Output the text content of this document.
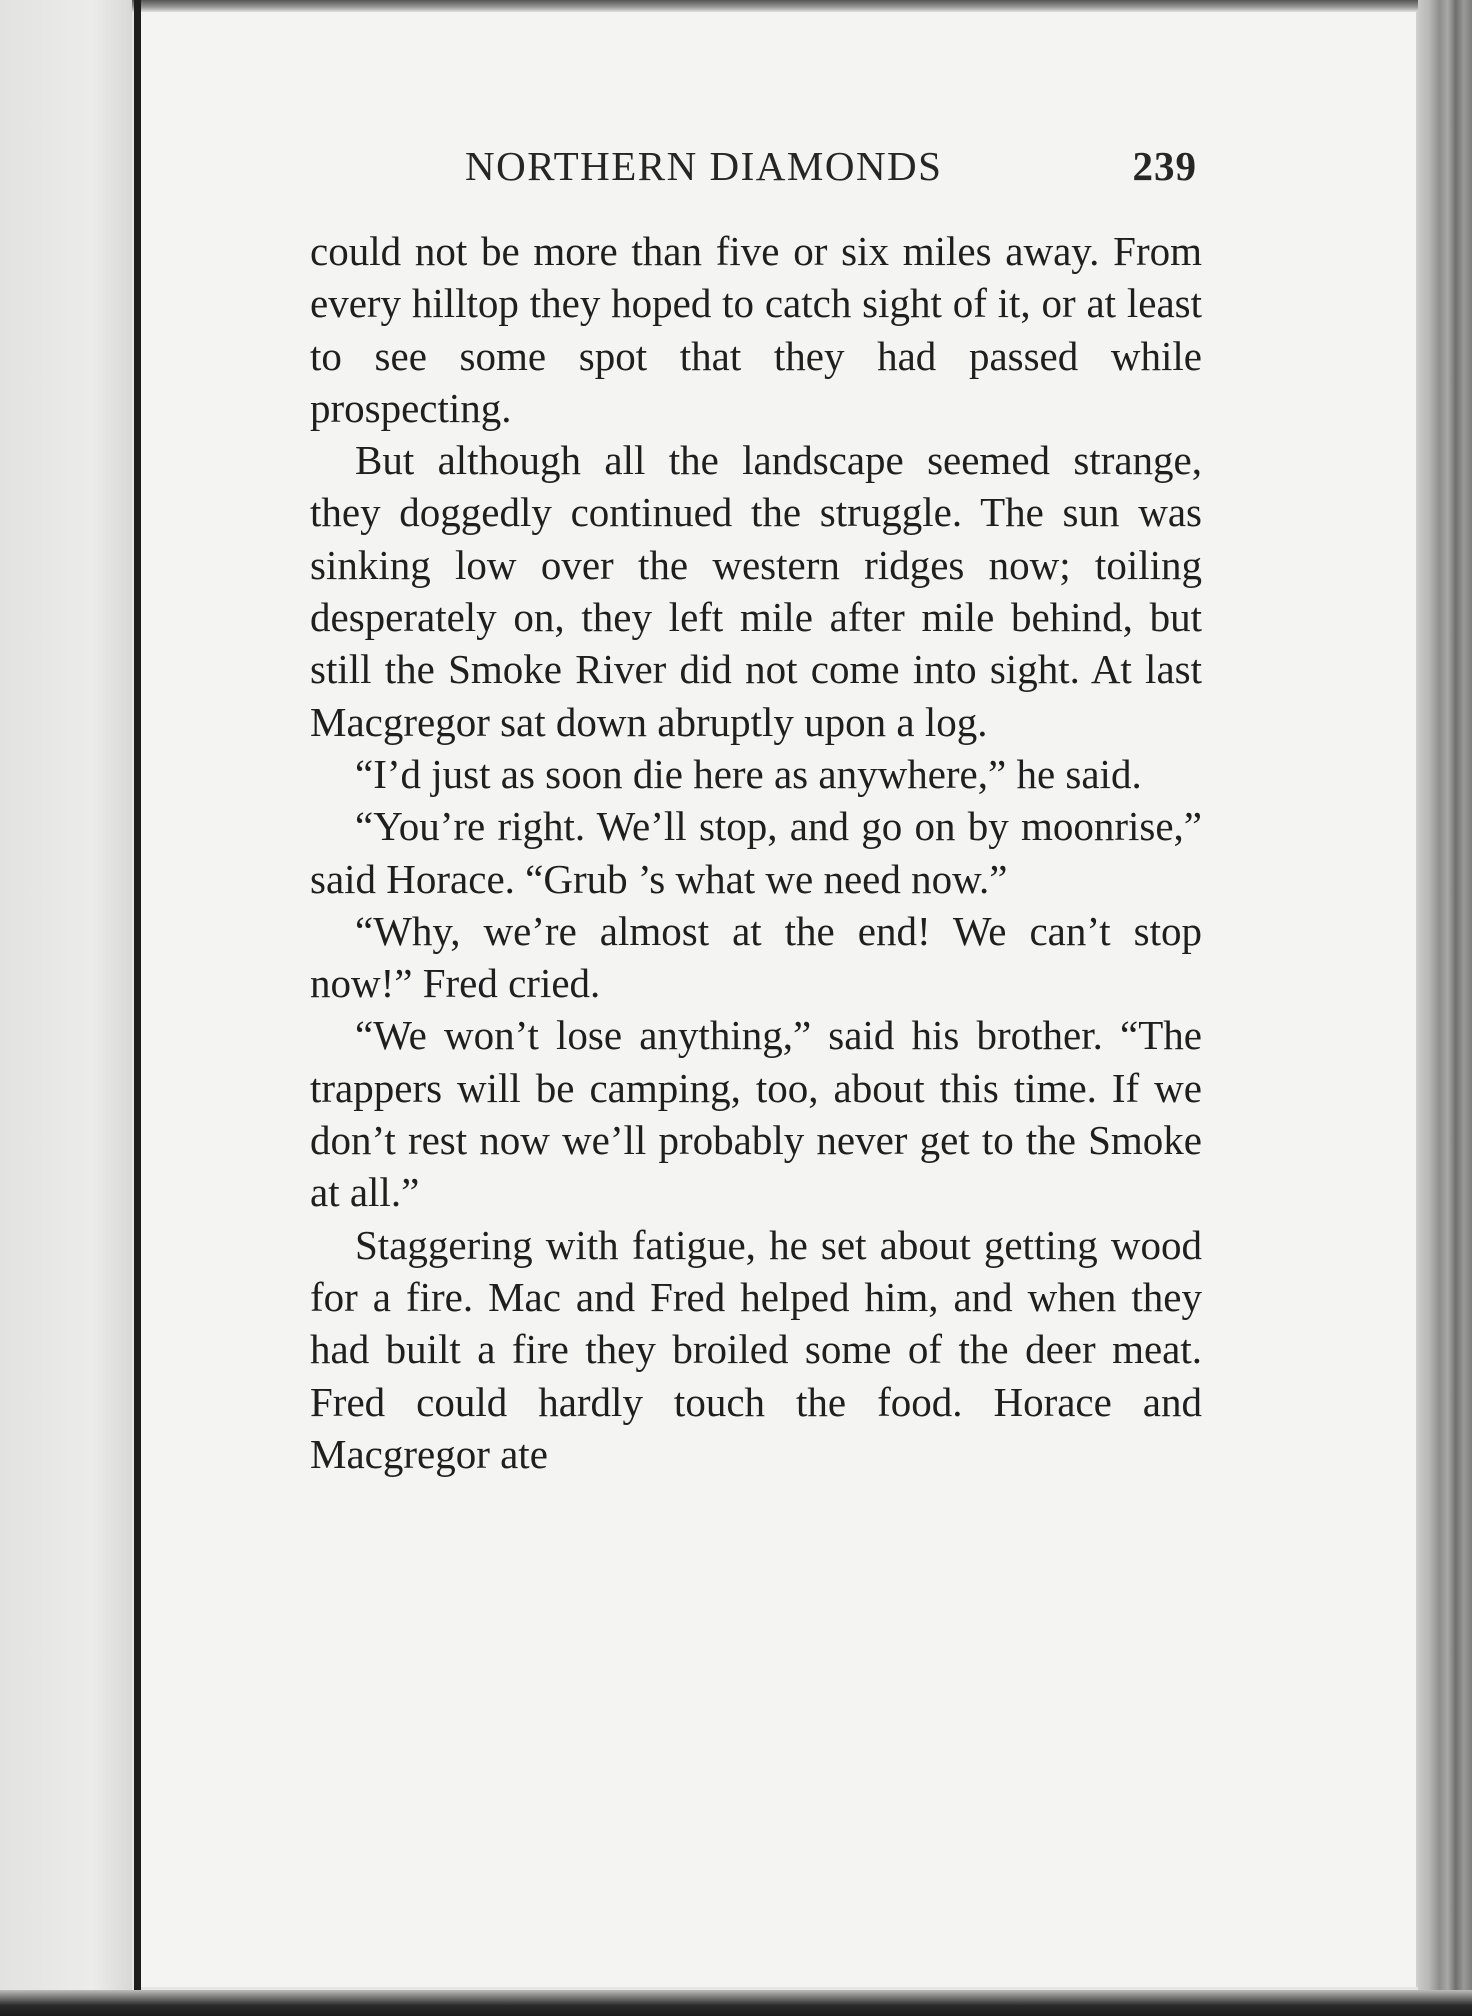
NORTHERN DIAMONDS	239

could not be more than five or six miles away. From every hilltop they hoped to catch sight of it, or at least to see some spot that they had passed while prospecting.

But although all the landscape seemed strange, they doggedly continued the struggle. The sun was sinking low over the western ridges now; toiling desperately on, they left mile after mile behind, but still the Smoke River did not come into sight. At last Macgregor sat down abruptly upon a log.

“I’d just as soon die here as anywhere,” he said.

“You’re right. We’ll stop, and go on by moonrise,” said Horace. “Grub ’s what we need now.”

“Why, we’re almost at the end! We can’t stop now!” Fred cried.

“We won’t lose anything,” said his brother. “The trappers will be camping, too, about this time. If we don’t rest now we’ll probably never get to the Smoke at all.”

Staggering with fatigue, he set about getting wood for a fire. Mac and Fred helped him, and when they had built a fire they broiled some of the deer meat. Fred could hardly touch the food. Horace and Macgregor ate
